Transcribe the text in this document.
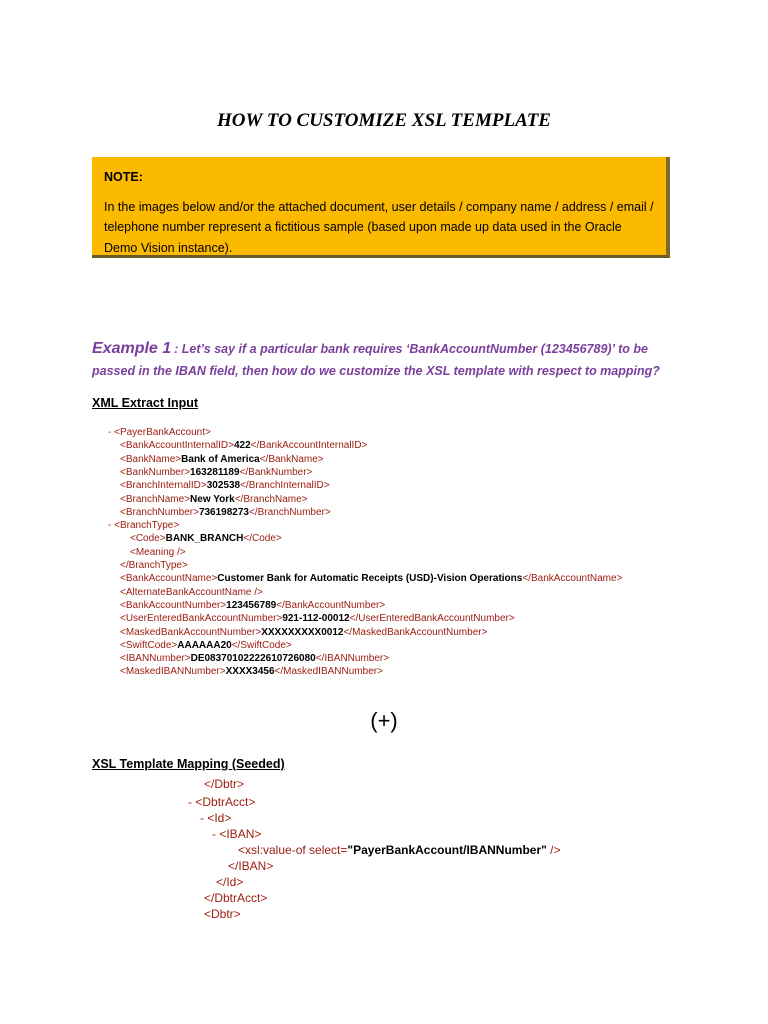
HOW TO CUSTOMIZE XSL TEMPLATE
NOTE:
In the images below and/or the attached document, user details / company name / address / email / telephone number represent a fictitious sample (based upon made up data used in the Oracle Demo Vision instance).
Example 1 : Let’s say if a particular bank requires ‘BankAccountNumber (123456789)’ to be passed in the IBAN field, then how do we customize the XSL template with respect to mapping?
XML Extract Input
- <PayerBankAccount>
<BankAccountInternalID>422</BankAccountInternalID>
<BankName>Bank of America</BankName>
<BankNumber>163281189</BankNumber>
<BranchInternalID>302538</BranchInternalID>
<BranchName>New York</BranchName>
<BranchNumber>736198273</BranchNumber>
- <BranchType>
<Code>BANK_BRANCH</Code>
<Meaning />
</BranchType>
<BankAccountName>Customer Bank for Automatic Receipts (USD)-Vision Operations</BankAccountName>
<AlternateBankAccountName />
<BankAccountNumber>123456789</BankAccountNumber>
<UserEnteredBankAccountNumber>921-112-00012</UserEnteredBankAccountNumber>
<MaskedBankAccountNumber>XXXXXXXXX0012</MaskedBankAccountNumber>
<SwiftCode>AAAAAA20</SwiftCode>
<IBANNumber>DE08370102222610726080</IBANNumber>
<MaskedIBANNumber>XXXX3456</MaskedIBANNumber>
(+)
XSL Template Mapping (Seeded)
</Dbtr>
- <DbtrAcct>
- <Id>
- <IBAN>
<xsl:value-of select="PayerBankAccount/IBANNumber" />
</IBAN>
</Id>
</DbtrAcct>
<Dbtr>
